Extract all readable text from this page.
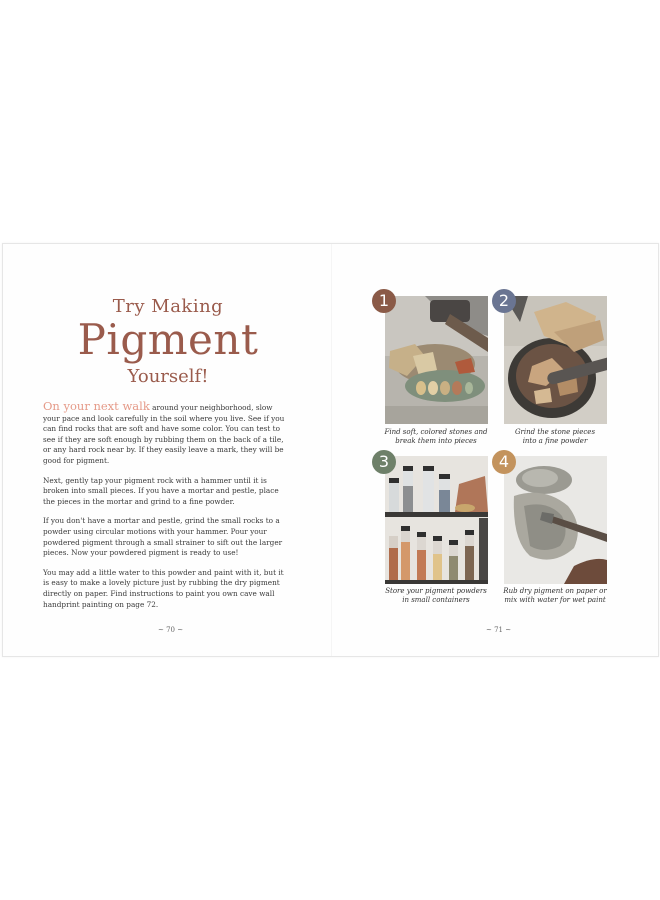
Try Making
Pigment
Yourself!

On your next walk around your neighborhood, slow your pace and look carefully in the soil where you live. See if you can find rocks that are soft and have some color. You can test to see if they are soft enough by rubbing them on the back of a tile, or any hard rock near by. If they easily leave a mark, they will be good for pigment.

Next, gently tap your pigment rock with a hammer until it is broken into small pieces. If you have a mortar and pestle, place the pieces in the mortar and grind to a fine powder.

If you don't have a mortar and pestle, grind the small rocks to a powder using circular motions with your hammer. Pour your powdered pigment through a small strainer to sift out the larger pieces. Now your powdered pigment is ready to use!

You may add a little water to this powder and paint with it, but it is easy to make a lovely picture just by rubbing the dry pigment directly on paper. Find instructions to paint you own cave wall handprint painting on page 72.

~ 70 ~
1
Find soft, colored stones and
break them into pieces
2
Grind the stone pieces
into a fine powder
3
Store your pigment powders
in small containers
4
Rub dry pigment on paper or
mix with water for wet paint
~ 71 ~
